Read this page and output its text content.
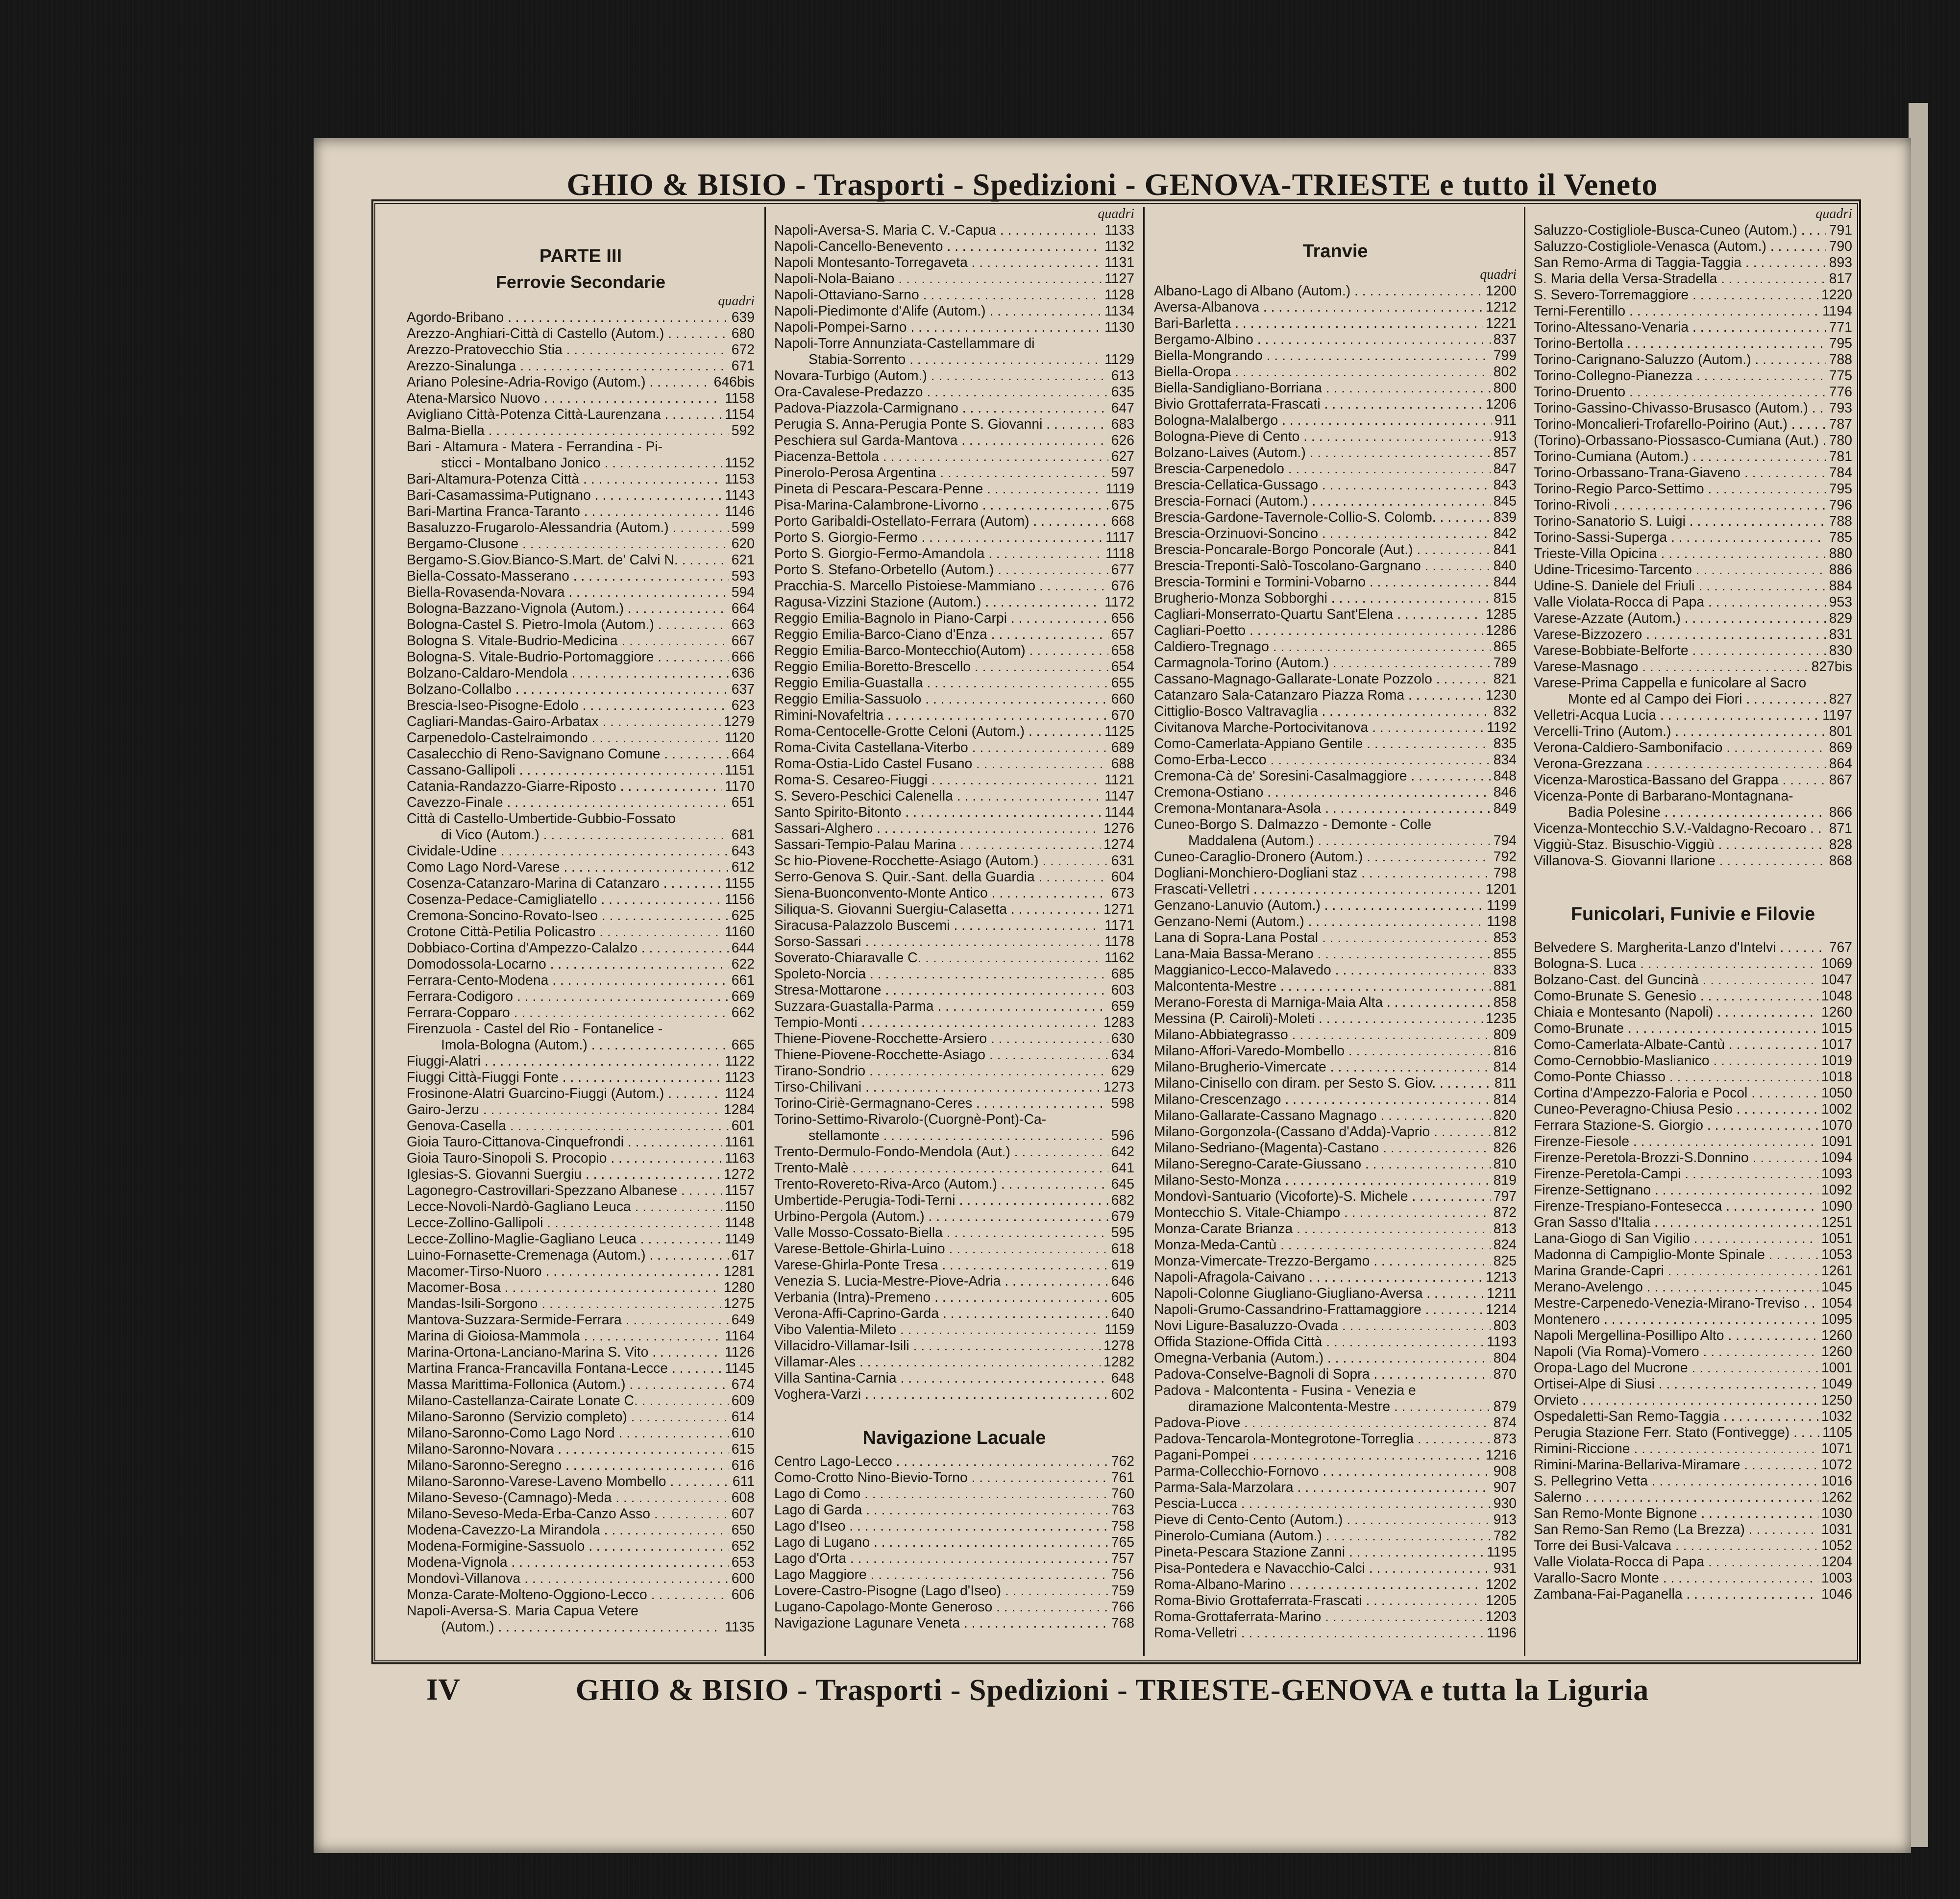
GHIO & BISIO - Trasporti - Spedizioni - GENOVA-TRIESTE e tutto il Veneto
PARTE III
Ferrovie Secondarie
quadri
Agordo-Bribano . . .	639
Arezzo-Anghiari-Città di Castello (Autom.) . . .	680
Arezzo-Pratovecchio Stia . . .	672
Arezzo-Sinalunga . . .	671
Ariano Polesine-Adria-Rovigo (Autom.) . . .	646bis
Atena-Marsico Nuovo . . .	1158
Avigliano Città-Potenza Città-Laurenzana . . .	1154
Balma-Biella . . .	592
Bari - Altamura - Matera - Ferrandina - Pi-
sticci - Montalbano Jonico . . .	1152
Bari-Altamura-Potenza Città . . .	1153
Bari-Casamassima-Putignano . . .	1143
Bari-Martina Franca-Taranto . . .	1146
Basaluzzo-Frugarolo-Alessandria (Autom.) . . .	599
Bergamo-Clusone . . .	620
Bergamo-S.Giov.Bianco-S.Mart. de' Calvi N. . . .	621
Biella-Cossato-Masserano . . .	593
Biella-Rovasenda-Novara . . .	594
Bologna-Bazzano-Vignola (Autom.) . . .	664
Bologna-Castel S. Pietro-Imola (Autom.) . . .	663
Bologna S. Vitale-Budrio-Medicina . . .	667
Bologna-S. Vitale-Budrio-Portomaggiore . . .	666
Bolzano-Caldaro-Mendola . . .	636
Bolzano-Collalbo . . .	637
Brescia-Iseo-Pisogne-Edolo . . .	623
Cagliari-Mandas-Gairo-Arbatax . . .	1279
Carpenedolo-Castelraimondo . . .	1120
Casalecchio di Reno-Savignano Comune . . .	664
Cassano-Gallipoli . . .	1151
Catania-Randazzo-Giarre-Riposto . . .	1170
Cavezzo-Finale . . .	651
Città di Castello-Umbertide-Gubbio-Fossato
di Vico (Autom.) . . .	681
Cividale-Udine . . .	643
Como Lago Nord-Varese . . .	612
Cosenza-Catanzaro-Marina di Catanzaro . . .	1155
Cosenza-Pedace-Camigliatello . . .	1156
Cremona-Soncino-Rovato-Iseo . . .	625
Crotone Città-Petilia Policastro . . .	1160
Dobbiaco-Cortina d'Ampezzo-Calalzo . . .	644
Domodossola-Locarno . . .	622
Ferrara-Cento-Modena . . .	661
Ferrara-Codigoro . . .	669
Ferrara-Copparo . . .	662
Firenzuola - Castel del Rio - Fontanelice -
Imola-Bologna (Autom.) . . .	665
Fiuggi-Alatri . . .	1122
Fiuggi Città-Fiuggi Fonte . . .	1123
Frosinone-Alatri Guarcino-Fiuggi (Autom.) . . .	1124
Gairo-Jerzu . . .	1284
Genova-Casella . . .	601
Gioia Tauro-Cittanova-Cinquefrondi . . .	1161
Gioia Tauro-Sinopoli S. Procopio . . .	1163
Iglesias-S. Giovanni Suergiu . . .	1272
Lagonegro-Castrovillari-Spezzano Albanese . . .	1157
Lecce-Novoli-Nardò-Gagliano Leuca . . .	1150
Lecce-Zollino-Gallipoli . . .	1148
Lecce-Zollino-Maglie-Gagliano Leuca . . .	1149
Luino-Fornasette-Cremenaga (Autom.) . . .	617
Macomer-Tirso-Nuoro . . .	1281
Macomer-Bosa . . .	1280
Mandas-Isili-Sorgono . . .	1275
Mantova-Suzzara-Sermide-Ferrara . . .	649
Marina di Gioiosa-Mammola . . .	1164
Marina-Ortona-Lanciano-Marina S. Vito . . .	1126
Martina Franca-Francavilla Fontana-Lecce . . .	1145
Massa Marittima-Follonica (Autom.) . . .	674
Milano-Castellanza-Cairate Lonate C. . . .	609
Milano-Saronno (Servizio completo) . . .	614
Milano-Saronno-Como Lago Nord . . .	610
Milano-Saronno-Novara . . .	615
Milano-Saronno-Seregno . . .	616
Milano-Saronno-Varese-Laveno Mombello . . .	611
Milano-Seveso-(Camnago)-Meda . . .	608
Milano-Seveso-Meda-Erba-Canzo Asso . . .	607
Modena-Cavezzo-La Mirandola . . .	650
Modena-Formigine-Sassuolo . . .	652
Modena-Vignola . . .	653
Mondovì-Villanova . . .	600
Monza-Carate-Molteno-Oggiono-Lecco . . .	606
Napoli-Aversa-S. Maria Capua Vetere
(Autom.) . . .	1135
quadri
Napoli-Aversa-S. Maria C. V.-Capua . . .	1133
Napoli-Cancello-Benevento . . .	1132
Napoli Montesanto-Torregaveta . . .	1131
Napoli-Nola-Baiano . . .	1127
Napoli-Ottaviano-Sarno . . .	1128
Napoli-Piedimonte d'Alife (Autom.) . . .	1134
Napoli-Pompei-Sarno . . .	1130
Napoli-Torre Annunziata-Castellammare di
Stabia-Sorrento . . .	1129
Novara-Turbigo (Autom.) . . .	613
Ora-Cavalese-Predazzo . . .	635
Padova-Piazzola-Carmignano . . .	647
Perugia S. Anna-Perugia Ponte S. Giovanni . . .	683
Peschiera sul Garda-Mantova . . .	626
Piacenza-Bettola . . .	627
Pinerolo-Perosa Argentina . . .	597
Pineta di Pescara-Pescara-Penne . . .	1119
Pisa-Marina-Calambrone-Livorno . . .	675
Porto Garibaldi-Ostellato-Ferrara (Autom) . . .	668
Porto S. Giorgio-Fermo . . .	1117
Porto S. Giorgio-Fermo-Amandola . . .	1118
Porto S. Stefano-Orbetello (Autom.) . . .	677
Pracchia-S. Marcello Pistoiese-Mammiano . . .	676
Ragusa-Vizzini Stazione (Autom.) . . .	1172
Reggio Emilia-Bagnolo in Piano-Carpi . . .	656
Reggio Emilia-Barco-Ciano d'Enza . . .	657
Reggio Emilia-Barco-Montecchio(Autom) . . .	658
Reggio Emilia-Boretto-Brescello . . .	654
Reggio Emilia-Guastalla . . .	655
Reggio Emilia-Sassuolo . . .	660
Rimini-Novafeltria . . .	670
Roma-Centocelle-Grotte Celoni (Autom.) . . .	1125
Roma-Civita Castellana-Viterbo . . .	689
Roma-Ostia-Lido Castel Fusano . . .	688
Roma-S. Cesareo-Fiuggi . . .	1121
S. Severo-Peschici Calenella . . .	1147
Santo Spirito-Bitonto . . .	1144
Sassari-Alghero . . .	1276
Sassari-Tempio-Palau Marina . . .	1274
Sc hio-Piovene-Rocchette-Asiago (Autom.) . . .	631
Serro-Genova S. Quir.-Sant. della Guardia . . .	604
Siena-Buonconvento-Monte Antico . . .	673
Siliqua-S. Giovanni Suergiu-Calasetta . . .	1271
Siracusa-Palazzolo Buscemi . . .	1171
Sorso-Sassari . . .	1178
Soverato-Chiaravalle C. . . .	1162
Spoleto-Norcia . . .	685
Stresa-Mottarone . . .	603
Suzzara-Guastalla-Parma . . .	659
Tempio-Monti . . .	1283
Thiene-Piovene-Rocchette-Arsiero . . .	630
Thiene-Piovene-Rocchette-Asiago . . .	634
Tirano-Sondrio . . .	629
Tirso-Chilivani . . .	1273
Torino-Ciriè-Germagnano-Ceres . . .	598
Torino-Settimo-Rivarolo-(Cuorgnè-Pont)-Ca-
stellamonte . . .	596
Trento-Dermulo-Fondo-Mendola (Aut.) . . .	642
Trento-Malè . . .	641
Trento-Rovereto-Riva-Arco (Autom.) . . .	645
Umbertide-Perugia-Todi-Terni . . .	682
Urbino-Pergola (Autom.) . . .	679
Valle Mosso-Cossato-Biella . . .	595
Varese-Bettole-Ghirla-Luino . . .	618
Varese-Ghirla-Ponte Tresa . . .	619
Venezia S. Lucia-Mestre-Piove-Adria . . .	646
Verbania (Intra)-Premeno . . .	605
Verona-Affi-Caprino-Garda . . .	640
Vibo Valentia-Mileto . . .	1159
Villacidro-Villamar-Isili . . .	1278
Villamar-Ales . . .	1282
Villa Santina-Carnia . . .	648
Voghera-Varzi . . .	602
Navigazione Lacuale
Centro Lago-Lecco . . .	762
Como-Crotto Nino-Bievio-Torno . . .	761
Lago di Como . . .	760
Lago di Garda . . .	763
Lago d'Iseo . . .	758
Lago di Lugano . . .	765
Lago d'Orta . . .	757
Lago Maggiore . . .	756
Lovere-Castro-Pisogne (Lago d'Iseo) . . .	759
Lugano-Capolago-Monte Generoso . . .	766
Navigazione Lagunare Veneta . . .	768
Tranvie
quadri
Albano-Lago di Albano (Autom.) . . .	1200
Aversa-Albanova . . .	1212
Bari-Barletta . . .	1221
Bergamo-Albino . . .	837
Biella-Mongrando . . .	799
Biella-Oropa . . .	802
Biella-Sandigliano-Borriana . . .	800
Bivio Grottaferrata-Frascati . . .	1206
Bologna-Malalbergo . . .	911
Bologna-Pieve di Cento . . .	913
Bolzano-Laives (Autom.) . . .	857
Brescia-Carpenedolo . . .	847
Brescia-Cellatica-Gussago . . .	843
Brescia-Fornaci (Autom.) . . .	845
Brescia-Gardone-Tavernole-Collio-S. Colomb. . . .	839
Brescia-Orzinuovi-Soncino . . .	842
Brescia-Poncarale-Borgo Poncorale (Aut.) . . .	841
Brescia-Treponti-Salò-Toscolano-Gargnano . . .	840
Brescia-Tormini e Tormini-Vobarno . . .	844
Brugherio-Monza Sobborghi . . .	815
Cagliari-Monserrato-Quartu Sant'Elena . . .	1285
Cagliari-Poetto . . .	1286
Caldiero-Tregnago . . .	865
Carmagnola-Torino (Autom.) . . .	789
Cassano-Magnago-Gallarate-Lonate Pozzolo . . .	821
Catanzaro Sala-Catanzaro Piazza Roma . . .	1230
Cittiglio-Bosco Valtravaglia . . .	832
Civitanova Marche-Portocivitanova . . .	1192
Como-Camerlata-Appiano Gentile . . .	835
Como-Erba-Lecco . . .	834
Cremona-Cà de' Soresini-Casalmaggiore . . .	848
Cremona-Ostiano . . .	846
Cremona-Montanara-Asola . . .	849
Cuneo-Borgo S. Dalmazzo - Demonte - Colle
Maddalena (Autom.) . . .	794
Cuneo-Caraglio-Dronero (Autom.) . . .	792
Dogliani-Monchiero-Dogliani staz . . .	798
Frascati-Velletri . . .	1201
Genzano-Lanuvio (Autom.) . . .	1199
Genzano-Nemi (Autom.) . . .	1198
Lana di Sopra-Lana Postal . . .	853
Lana-Maia Bassa-Merano . . .	855
Maggianico-Lecco-Malavedo . . .	833
Malcontenta-Mestre . . .	881
Merano-Foresta di Marniga-Maia Alta . . .	858
Messina (P. Cairoli)-Moleti . . .	1235
Milano-Abbiategrasso . . .	809
Milano-Affori-Varedo-Mombello . . .	816
Milano-Brugherio-Vimercate . . .	814
Milano-Cinisello con diram. per Sesto S. Giov. . . .	811
Milano-Crescenzago . . .	814
Milano-Gallarate-Cassano Magnago . . .	820
Milano-Gorgonzola-(Cassano d'Adda)-Vaprio . . .	812
Milano-Sedriano-(Magenta)-Castano . . .	826
Milano-Seregno-Carate-Giussano . . .	810
Milano-Sesto-Monza . . .	819
Mondovì-Santuario (Vicoforte)-S. Michele . . .	797
Montecchio S. Vitale-Chiampo . . .	872
Monza-Carate Brianza . . .	813
Monza-Meda-Cantù . . .	824
Monza-Vimercate-Trezzo-Bergamo . . .	825
Napoli-Afragola-Caivano . . .	1213
Napoli-Colonne Giugliano-Giugliano-Aversa . . .	1211
Napoli-Grumo-Cassandrino-Frattamaggiore . . .	1214
Novi Ligure-Basaluzzo-Ovada . . .	803
Offida Stazione-Offida Città . . .	1193
Omegna-Verbania (Autom.) . . .	804
Padova-Conselve-Bagnoli di Sopra . . .	870
Padova - Malcontenta - Fusina - Venezia e
diramazione Malcontenta-Mestre . . .	879
Padova-Piove . . .	874
Padova-Tencarola-Montegrotone-Torreglia . . .	873
Pagani-Pompei . . .	1216
Parma-Collecchio-Fornovo . . .	908
Parma-Sala-Marzolara . . .	907
Pescia-Lucca . . .	930
Pieve di Cento-Cento (Autom.) . . .	913
Pinerolo-Cumiana (Autom.) . . .	782
Pineta-Pescara Stazione Zanni . . .	1195
Pisa-Pontedera e Navacchio-Calci . . .	931
Roma-Albano-Marino . . .	1202
Roma-Bivio Grottaferrata-Frascati . . .	1205
Roma-Grottaferrata-Marino . . .	1203
Roma-Velletri . . .	1196
quadri
Saluzzo-Costigliole-Busca-Cuneo (Autom.) . . .	791
Saluzzo-Costigliole-Venasca (Autom.) . . .	790
San Remo-Arma di Taggia-Taggia . . .	893
S. Maria della Versa-Stradella . . .	817
S. Severo-Torremaggiore . . .	1220
Terni-Ferentillo . . .	1194
Torino-Altessano-Venaria . . .	771
Torino-Bertolla . . .	795
Torino-Carignano-Saluzzo (Autom.) . . .	788
Torino-Collegno-Pianezza . . .	775
Torino-Druento . . .	776
Torino-Gassino-Chivasso-Brusasco (Autom.) . . .	793
Torino-Moncalieri-Trofarello-Poirino (Aut.) . . .	787
(Torino)-Orbassano-Piossasco-Cumiana (Aut.) . . . 780
Torino-Cumiana (Autom.) . . .	781
Torino-Orbassano-Trana-Giaveno . . .	784
Torino-Regio Parco-Settimo . . .	795
Torino-Rivoli . . .	796
Torino-Sanatorio S. Luigi . . .	788
Torino-Sassi-Superga . . .	785
Trieste-Villa Opicina . . .	880
Udine-Tricesimo-Tarcento . . .	886
Udine-S. Daniele del Friuli . . .	884
Valle Violata-Rocca di Papa . . .	953
Varese-Azzate (Autom.) . . .	829
Varese-Bizzozero . . .	831
Varese-Bobbiate-Belforte . . .	830
Varese-Masnago . . .	827bis
Varese-Prima Cappella e funicolare al Sacro
Monte ed al Campo dei Fiori . . .	827
Velletri-Acqua Lucia . . .	1197
Vercelli-Trino (Autom.) . . .	801
Verona-Caldiero-Sambonifacio . . .	869
Verona-Grezzana . . .	864
Vicenza-Marostica-Bassano del Grappa . . .	867
Vicenza-Ponte di Barbarano-Montagnana-
Badia Polesine . . .	866
Vicenza-Montecchio S.V.-Valdagno-Recoaro . . .	871
Viggiù-Staz. Bisuschio-Viggiù . . .	828
Villanova-S. Giovanni Ilarione . . .	868
Funicolari, Funivie e Filovie
Belvedere S. Margherita-Lanzo d'Intelvi . . .	767
Bologna-S. Luca . . .	1069
Bolzano-Cast. del Guncinà . . .	1047
Como-Brunate S. Genesio . . .	1048
Chiaia e Montesanto (Napoli) . . .	1260
Como-Brunate . . .	1015
Como-Camerlata-Albate-Cantù . . .	1017
Como-Cernobbio-Maslianico . . .	1019
Como-Ponte Chiasso . . .	1018
Cortina d'Ampezzo-Faloria e Pocol . . .	1050
Cuneo-Peveragno-Chiusa Pesio . . .	1002
Ferrara Stazione-S. Giorgio . . .	1070
Firenze-Fiesole . . .	1091
Firenze-Peretola-Brozzi-S.Donnino . . .	1094
Firenze-Peretola-Campi . . .	1093
Firenze-Settignano . . .	1092
Firenze-Trespiano-Fontesecca . . .	1090
Gran Sasso d'Italia . . .	1251
Lana-Giogo di San Vigilio . . .	1051
Madonna di Campiglio-Monte Spinale . . .	1053
Marina Grande-Capri . . .	1261
Merano-Avelengo . . .	1045
Mestre-Carpenedo-Venezia-Mirano-Treviso . . .	1054
Montenero . . .	1095
Napoli Mergellina-Posillipo Alto . . .	1260
Napoli (Via Roma)-Vomero . . .	1260
Oropa-Lago del Mucrone . . .	1001
Ortisei-Alpe di Siusi . . .	1049
Orvieto . . .	1250
Ospedaletti-San Remo-Taggia . . .	1032
Perugia Stazione Ferr. Stato (Fontivegge) . . .	1105
Rimini-Riccione . . .	1071
Rimini-Marina-Bellariva-Miramare . . .	1072
S. Pellegrino Vetta . . .	1016
Salerno . . .	1262
San Remo-Monte Bignone . . .	1030
San Remo-San Remo (La Brezza) . . .	1031
Torre dei Busi-Valcava . . .	1052
Valle Violata-Rocca di Papa . . .	1204
Varallo-Sacro Monte . . .	1003
Zambana-Fai-Paganella . . .	1046
IV	GHIO & BISIO - Trasporti - Spedizioni - TRIESTE-GENOVA e tutta la Liguria
